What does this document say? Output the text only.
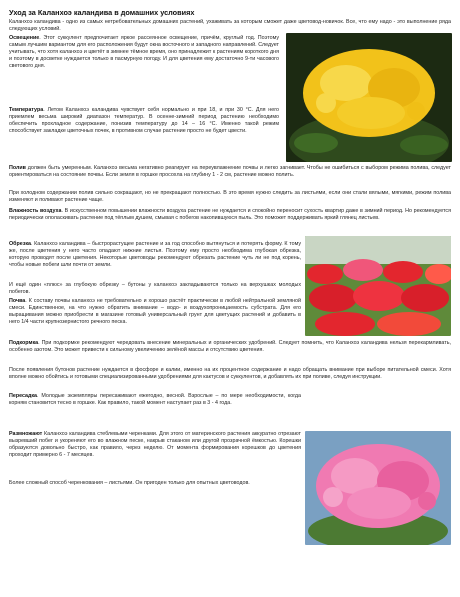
Уход за Каланхоэ каландива в домашних условиях
Каланхоэ каландива - одно из самых нетребовательных домашних растений, ухаживать за которым сможет даже цветовод-новичок. Все, что ему надо - это выполнение ряда следующих условий.
Освещение. Этот суккулент предпочитает яркое рассеянное освещение, причём, круглый год. Поэтому самым лучшим вариантом для его расположения будут окна восточного и западного направлений. Следует учитывать, что хотя каланхоэ и цветёт в зимнее тёмное время, оно принадлежит к растениям короткого дня и поэтому в досветке нуждается только в пасмурную погоду. И для цветения ему достаточно 9-ти часового светового дня.
Температура. Летом Каланхоэ каландива чувствует себя нормально и при 18, и при 30 °С. Для него приемлем весьма широкий диапазон температур. В осенне-зимний период растению необходимо обеспечить прохладное содержание, понизив температуру до 14 – 16 °С. Именно такой режим способствует закладке цветочных почек, в противном случае растение просто не будет цвести.
Полив должен быть умеренным. Каланхоэ весьма негативно реагирует на переувлажнение почвы и легко загнивает. Чтобы не ошибиться с выбором режима полива, следует ориентироваться на состояние почвы. Если земля в горшке просохла на глубину 1 - 2 см, растение можно полить.
При холодном содержании полив сильно сокращают, но не прекращают полностью. В это время нужно следить за листьями, если они стали вялыми, мягкими, режим полива изменяют и поливают растение чаще.
Влажность воздуха. В искусственном повышении влажности воздуха растение не нуждается и спокойно переносит сухость квартир даже в зимний период. Но рекомендуется периодически ополаскивать растение под тёплым душем, смывая с побегов накопившуюся пыль. Это поможет поддерживать яркий глянец листьев.
Обрезка. Каланхоэ каландива – быстрорастущее растение и за год способно вытянуться и потерять форму. К тому же, после цветения у него часто опадают нижние листья. Поэтому ему просто необходима глубокая обрезка, которую проводят после цветения. Некоторые цветоводы рекомендуют обрезать растение чуть ли не под корень, чтобы новые побеги шли почти от земли.
И ещё один «плюс» за глубокую обрезку – бутоны у каланхоэ закладываются только на верхушках молодых побегов.
Почва. К составу почвы каланхоэ не требовательно и хорошо растёт практически в любой нейтральной земляной смеси. Единственное, на что нужно обратить внимание – водо- и воздухопроницаемость субстрата. Для его выращивания можно приобрести в магазине готовый универсальный грунт для цветущих растений и добавить в него 1/4 части крупнозернистого речного песка.
Подкормка. При подкормке рекомендуют чередовать внесение минеральных и органических удобрений. Следует помнить, что Каланхоэ каландива нельзя перекармливать, особенно азотом. Это может привести к сильному увеличению зелёной массы и отсутствию цветения.
После появления бутонов растение нуждается в фосфоре и калии, именно на их процентное содержание и надо обращать внимание при выборе питательной смеси. Хотя вполне можно обойтись и готовыми специализированными удобрениями для кактусов и суккулентов, и добавлять их при поливе, следуя инструкции.
Пересадка. Молодые экземпляры пересаживают ежегодно, весной. Взрослые – по мере необходимости, когда корням становится тесно в горшке. Как правило, такой момент наступает раз в 3 - 4 года.
Размножают Каланхоэ каландива стеблевыми черенками. Для этого от материнского растения аккуратно отрезают вызревший побег и укореняют его во влажном песке, накрыв стаканом или другой прозрачной ёмкостью. Корешки образуются довольно быстро, как правило, через неделю. От момента формирования корешков до цветения проходит примерно 6 - 7 месяцев.
Более сложный способ черенкования – листьями. Он пригоден только для опытных цветоводов.
